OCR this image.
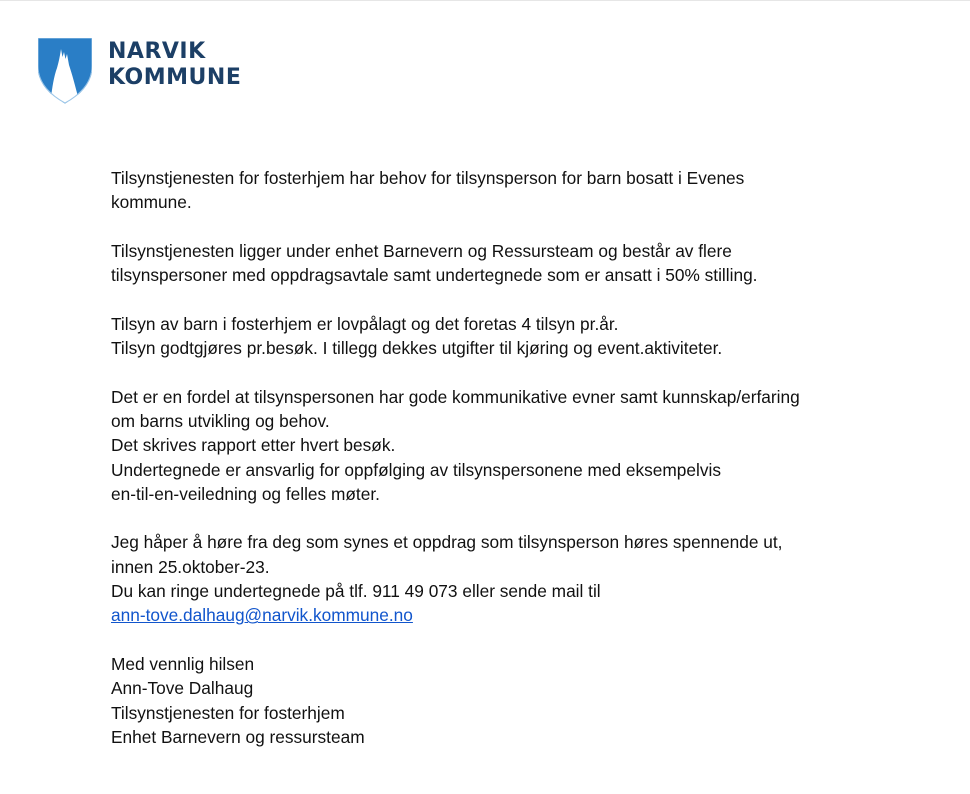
NARVIK
KOMMUNE

Tilsynstjenesten for fosterhjem har behov for tilsynsperson for barn bosatt i Evenes
kommune.

Tilsynstjenesten ligger under enhet Barnevern og Ressursteam og består av flere
tilsynspersoner med oppdragsavtale samt undertegnede som er ansatt i 50% stilling.

Tilsyn av barn i fosterhjem er lovpålagt og det foretas 4 tilsyn pr.år.
Tilsyn godtgjøres pr.besøk. I tillegg dekkes utgifter til kjøring og event.aktiviteter.

Det er en fordel at tilsynspersonen har gode kommunikative evner samt kunnskap/erfaring
om barns utvikling og behov.
Det skrives rapport etter hvert besøk.
Undertegnede er ansvarlig for oppfølging av tilsynspersonene med eksempelvis
en-til-en-veiledning og felles møter.

Jeg håper å høre fra deg som synes et oppdrag som tilsynsperson høres spennende ut,
innen 25.oktober-23.
Du kan ringe undertegnede på tlf. 911 49 073 eller sende mail til
ann-tove.dalhaug@narvik.kommune.no

Med vennlig hilsen
Ann-Tove Dalhaug
Tilsynstjenesten for fosterhjem
Enhet Barnevern og ressursteam
